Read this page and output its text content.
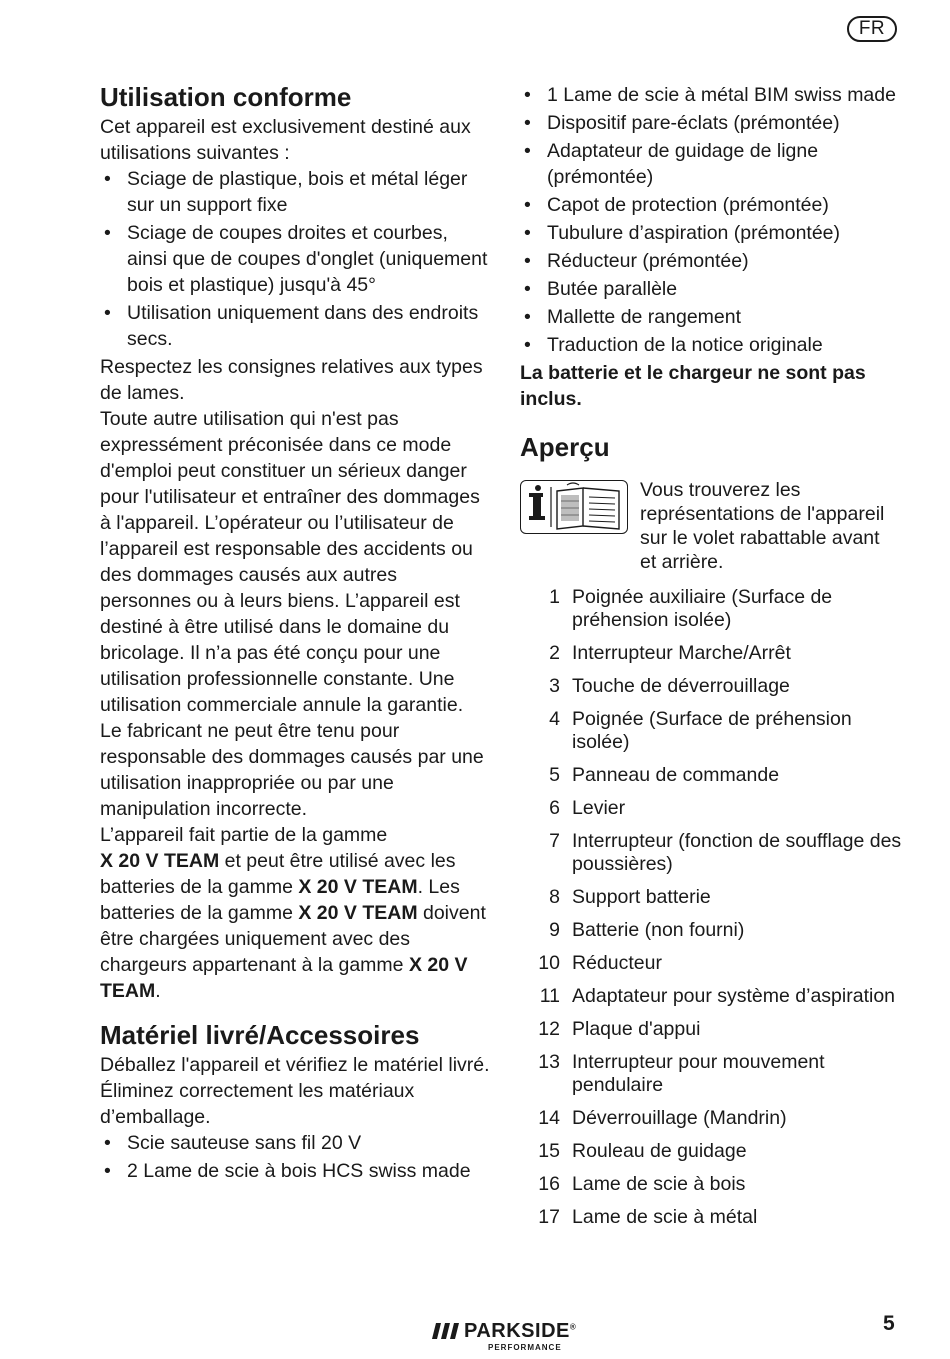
FR
Utilisation conforme

Cet appareil est exclusivement destiné aux utilisations suivantes :

• Sciage de plastique, bois et métal léger sur un support fixe
• Sciage de coupes droites et courbes, ainsi que de coupes d'onglet (uniquement bois et plastique) jusqu'à 45°
• Utilisation uniquement dans des endroits secs.

Respectez les consignes relatives aux types de lames.

Toute autre utilisation qui n'est pas expressément préconisée dans ce mode d'emploi peut constituer un sérieux danger pour l'utilisateur et entraîner des dommages à l'appareil. L’opérateur ou l’utilisateur de l’appareil est responsable des accidents ou des dommages causés aux autres personnes ou à leurs biens. L’appareil est destiné à être utilisé dans le domaine du bricolage. Il n’a pas été conçu pour une utilisation professionnelle constante. Une utilisation commerciale annule la garantie.

Le fabricant ne peut être tenu pour responsable des dommages causés par une utilisation inappropriée ou par une manipulation incorrecte.

L’appareil fait partie de la gamme
X 20 V TEAM et peut être utilisé avec les batteries de la gamme X 20 V TEAM. Les batteries de la gamme X 20 V TEAM doivent être chargées uniquement avec des chargeurs appartenant à la gamme X 20 V TEAM.

Matériel livré/Accessoires

Déballez l'appareil et vérifiez le matériel livré.

Éliminez correctement les matériaux d’emballage.

• Scie sauteuse sans fil 20 V
• 2 Lame de scie à bois HCS swiss made
• 1 Lame de scie à métal BIM swiss made
• Dispositif pare-éclats (prémontée)
• Adaptateur de guidage de ligne (prémontée)
• Capot de protection (prémontée)
• Tubulure d’aspiration (prémontée)
• Réducteur (prémontée)
• Butée parallèle
• Mallette de rangement
• Traduction de la notice originale
La batterie et le chargeur ne sont pas inclus.
Aperçu
Vous trouverez les représentations de l'appareil sur le volet rabattable avant et arrière.
1 Poignée auxiliaire (Surface de préhension isolée)
2 Interrupteur Marche/Arrêt
3 Touche de déverrouillage
4 Poignée (Surface de préhension isolée)
5 Panneau de commande
6 Levier
7 Interrupteur (fonction de soufflage des poussières)
8 Support batterie
9 Batterie (non fourni)
10 Réducteur
11 Adaptateur pour système d’aspiration
12 Plaque d'appui
13 Interrupteur pour mouvement pendulaire
14 Déverrouillage (Mandrin)
15 Rouleau de guidage
16 Lame de scie à bois
17 Lame de scie à métal
PARKSIDE®
PERFORMANCE
5
